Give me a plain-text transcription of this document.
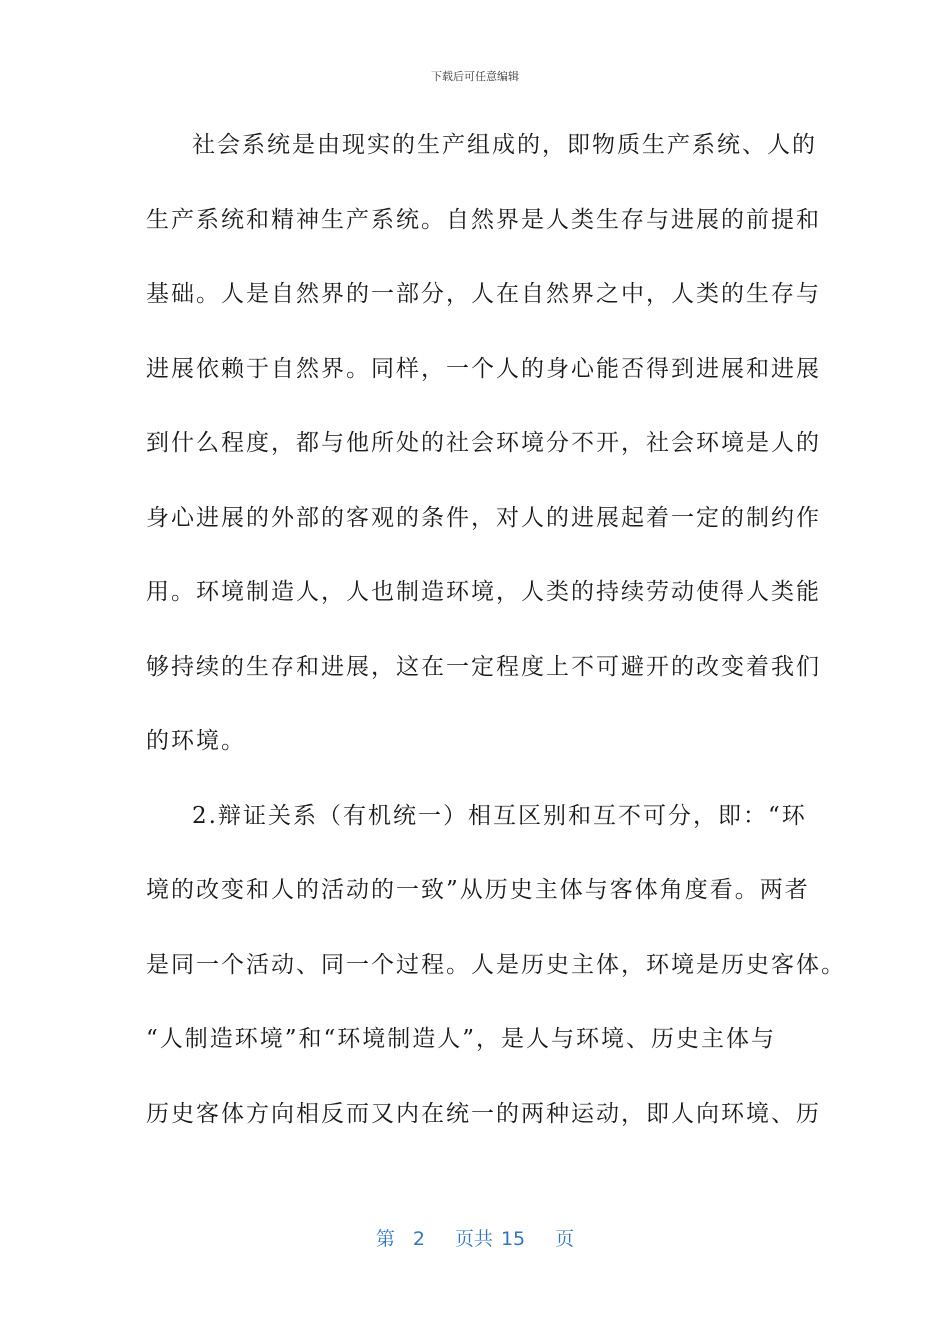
下载后可任意编辑
社会系统是由现实的生产组成的，即物质生产系统、人的
生产系统和精神生产系统。自然界是人类生存与进展的前提和
基础。人是自然界的一部分，人在自然界之中，人类的生存与
进展依赖于自然界。同样，一个人的身心能否得到进展和进展
到什么程度，都与他所处的社会环境分不开，社会环境是人的
身心进展的外部的客观的条件，对人的进展起着一定的制约作
用。环境制造人，人也制造环境，人类的持续劳动使得人类能
够持续的生存和进展，这在一定程度上不可避开的改变着我们
的环境。
2.辩证关系（有机统一）相互区别和互不可分，即：“环
境的改变和人的活动的一致”从历史主体与客体角度看。两者
是同一个活动、同一个过程。人是历史主体，环境是历史客体。
“人制造环境”和“环境制造人”，是人与环境、历史主体与
历史客体方向相反而又内在统一的两种运动，即人向环境、历
第 2 页共 15 页
